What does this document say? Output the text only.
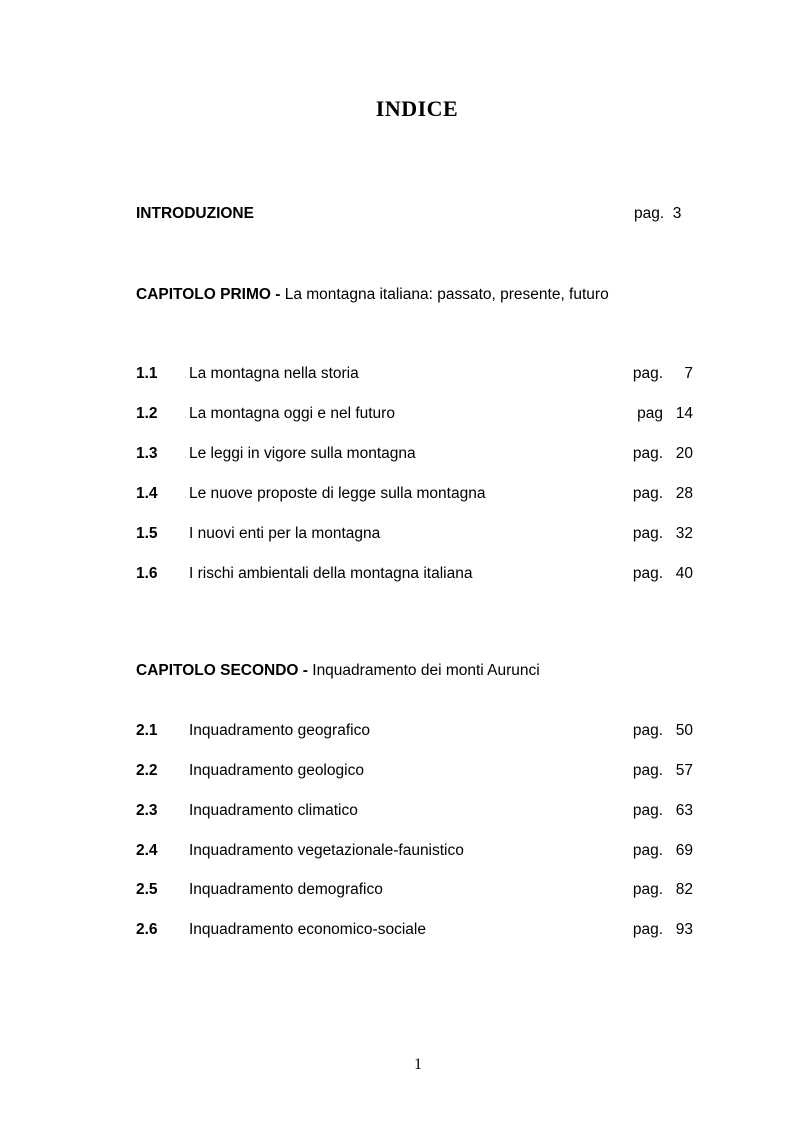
INDICE
INTRODUZIONE	pag. 3
CAPITOLO PRIMO - La montagna italiana: passato, presente, futuro
1.1 La montagna nella storia	pag. 7
1.2 La montagna oggi e nel futuro	pag 14
1.3 Le leggi in vigore sulla montagna	pag. 20
1.4 Le nuove proposte di legge sulla montagna	pag. 28
1.5 I nuovi enti per la montagna	pag. 32
1.6 I rischi ambientali della montagna italiana	pag. 40
CAPITOLO SECONDO - Inquadramento dei monti Aurunci
2.1 Inquadramento geografico	pag. 50
2.2 Inquadramento geologico	pag. 57
2.3 Inquadramento climatico	pag. 63
2.4 Inquadramento vegetazionale-faunistico	pag. 69
2.5 Inquadramento demografico	pag. 82
2.6 Inquadramento economico-sociale	pag. 93
1
